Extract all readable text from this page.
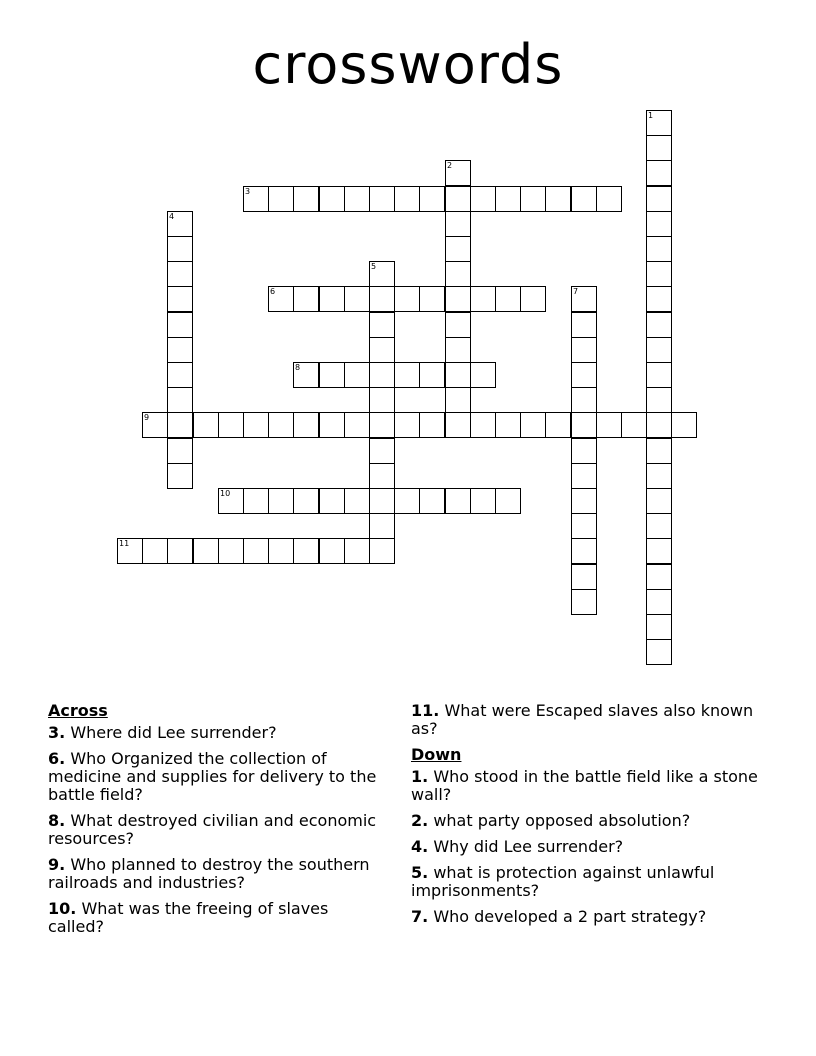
crosswords
1
2
3
4
5
6	7
8
9
10
11
Across
3. Where did Lee surrender?
6. Who Organized the collection of medicine and supplies for delivery to the battle field?
8. What destroyed civilian and economic resources?
9. Who planned to destroy the southern railroads and industries?
10. What was the freeing of slaves called?
11. What were Escaped slaves also known as?
Down
1. Who stood in the battle field like a stone wall?
2. what party opposed absolution?
4. Why did Lee surrender?
5. what is protection against unlawful imprisonments?
7. Who developed a 2 part strategy?
